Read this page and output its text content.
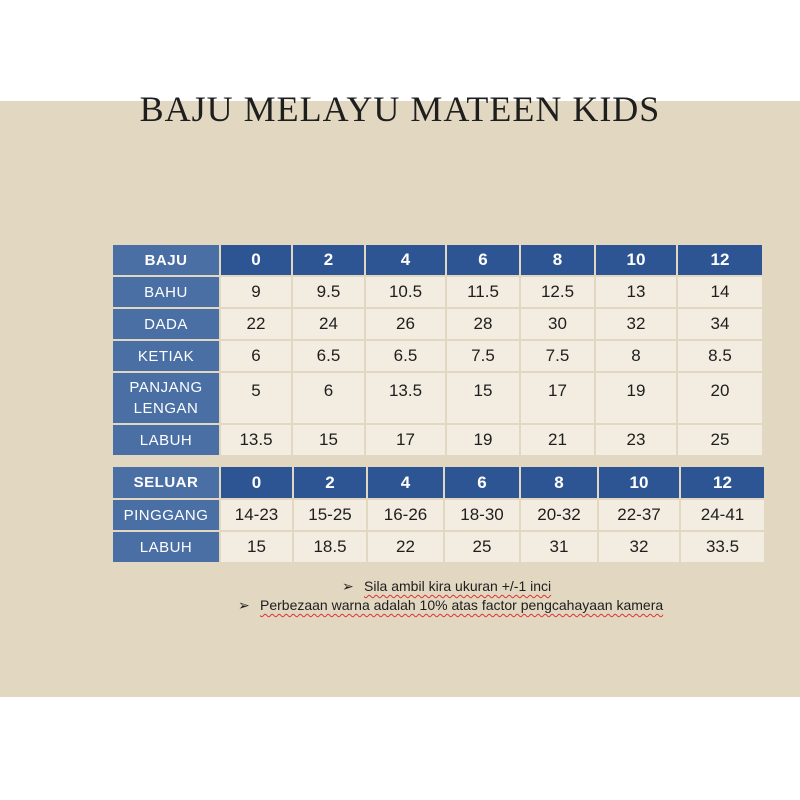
BAJU MELAYU MATEEN KIDS
BAJU	0	2	4	6	8	10	12
BAHU	9	9.5	10.5	11.5	12.5	13	14
DADA	22	24	26	28	30	32	34
KETIAK	6	6.5	6.5	7.5	7.5	8	8.5
PANJANG
LENGAN	5	6	13.5	15	17	19	20
LABUH	13.5	15	17	19	21	23	25
SELUAR	0	2	4	6	8	10	12
PINGGANG	14-23	15-25	16-26	18-30	20-32	22-37	24-41
LABUH	15	18.5	22	25	31	32	33.5
➢ Sila ambil kira ukuran +/-1 inci
➢ Perbezaan warna adalah 10% atas factor pengcahayaan kamera
